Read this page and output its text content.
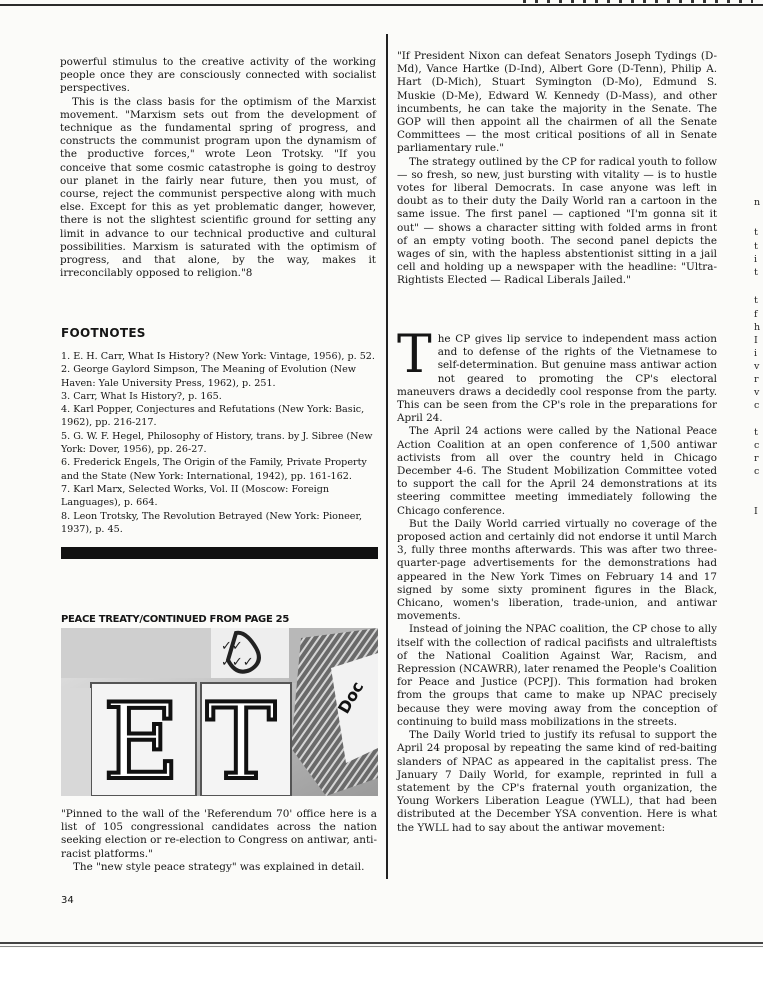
powerful stimulus to the creative activity of the working people once they are consciously connected with socialist perspectives.

This is the class basis for the optimism of the Marxist movement. "Marxism sets out from the development of technique as the fundamental spring of progress, and constructs the communist program upon the dynamism of the productive forces," wrote Leon Trotsky. "If you conceive that some cosmic catastrophe is going to destroy our planet in the fairly near future, then you must, of course, reject the communist perspective along with much else. Except for this as yet problematic danger, however, there is not the slightest scientific ground for setting any limit in advance to our technical productive and cultural possibilities. Marxism is saturated with the optimism of progress, and that alone, by the way, makes it irreconcilably opposed to religion."8

FOOTNOTES
1. E. H. Carr, What Is History? (New York: Vintage, 1956), p. 52.
2. George Gaylord Simpson, The Meaning of Evolution (New Haven: Yale University Press, 1962), p. 251.
3. Carr, What Is History?, p. 165.
4. Karl Popper, Conjectures and Refutations (New York: Basic, 1962), pp. 216-217.
5. G. W. F. Hegel, Philosophy of History, trans. by J. Sibree (New York: Dover, 1956), pp. 26-27.
6. Frederick Engels, The Origin of the Family, Private Property and the State (New York: International, 1942), pp. 161-162.
7. Karl Marx, Selected Works, Vol. II (Moscow: Foreign Languages), p. 664.
8. Leon Trotsky, The Revolution Betrayed (New York: Pioneer, 1937), p. 45.
PEACE TREATY/CONTINUED FROM PAGE 25
✓✓
✓✓✓
Doc
E T

"Pinned to the wall of the 'Referendum 70' office here is a list of 105 congressional candidates across the nation seeking election or re-election to Congress on antiwar, anti-racist platforms."

The "new style peace strategy" was explained in detail.

34

"If President Nixon can defeat Senators Joseph Tydings (D-Md), Vance Hartke (D-Ind), Albert Gore (D-Tenn), Philip A. Hart (D-Mich), Stuart Symington (D-Mo), Edmund S. Muskie (D-Me), Edward W. Kennedy (D-Mass), and other incumbents, he can take the majority in the Senate. The GOP will then appoint all the chairmen of all the Senate Committees — the most critical positions of all in Senate parliamentary rule."

The strategy outlined by the CP for radical youth to follow — so fresh, so new, just bursting with vitality — is to hustle votes for liberal Democrats. In case anyone was left in doubt as to their duty the Daily World ran a cartoon in the same issue. The first panel — captioned "I'm gonna sit it out" — shows a character sitting with folded arms in front of an empty voting booth. The second panel depicts the wages of sin, with the hapless abstentionist sitting in a jail cell and holding up a newspaper with the headline: "Ultra-Rightists Elected — Radical Liberals Jailed."

The CP gives lip service to independent mass action and to defense of the rights of the Vietnamese to self-determination. But genuine mass antiwar action not geared to promoting the CP's electoral maneuvers draws a decidedly cool response from the party. This can be seen from the CP's role in the preparations for April 24.

The April 24 actions were called by the National Peace Action Coalition at an open conference of 1,500 antiwar activists from all over the country held in Chicago December 4-6. The Student Mobilization Committee voted to support the call for the April 24 demonstrations at its steering committee meeting immediately following the Chicago conference.

But the Daily World carried virtually no coverage of the proposed action and certainly did not endorse it until March 3, fully three months afterwards. This was after two three-quarter-page advertisements for the demonstrations had appeared in the New York Times on February 14 and 17 signed by some sixty prominent figures in the Black, Chicano, women's liberation, trade-union, and antiwar movements.

Instead of joining the NPAC coalition, the CP chose to ally itself with the collection of radical pacifists and ultraleftists of the National Coalition Against War, Racism, and Repression (NCAWRR), later renamed the People's Coalition for Peace and Justice (PCPJ). This formation had broken from the groups that came to make up NPAC precisely because they were moving away from the conception of continuing to build mass mobilizations in the streets.

The Daily World tried to justify its refusal to support the April 24 proposal by repeating the same kind of red-baiting slanders of NPAC as appeared in the capitalist press. The January 7 Daily World, for example, reprinted in full a statement by the CP's fraternal youth organization, the Young Workers Liberation League (YWLL), that had been distributed at the December YSA convention. Here is what the YWLL had to say about the antiwar movement:

n
t
t
i
t
t
f
h
I
i
v
r
v
c
t
c
r
c
I
